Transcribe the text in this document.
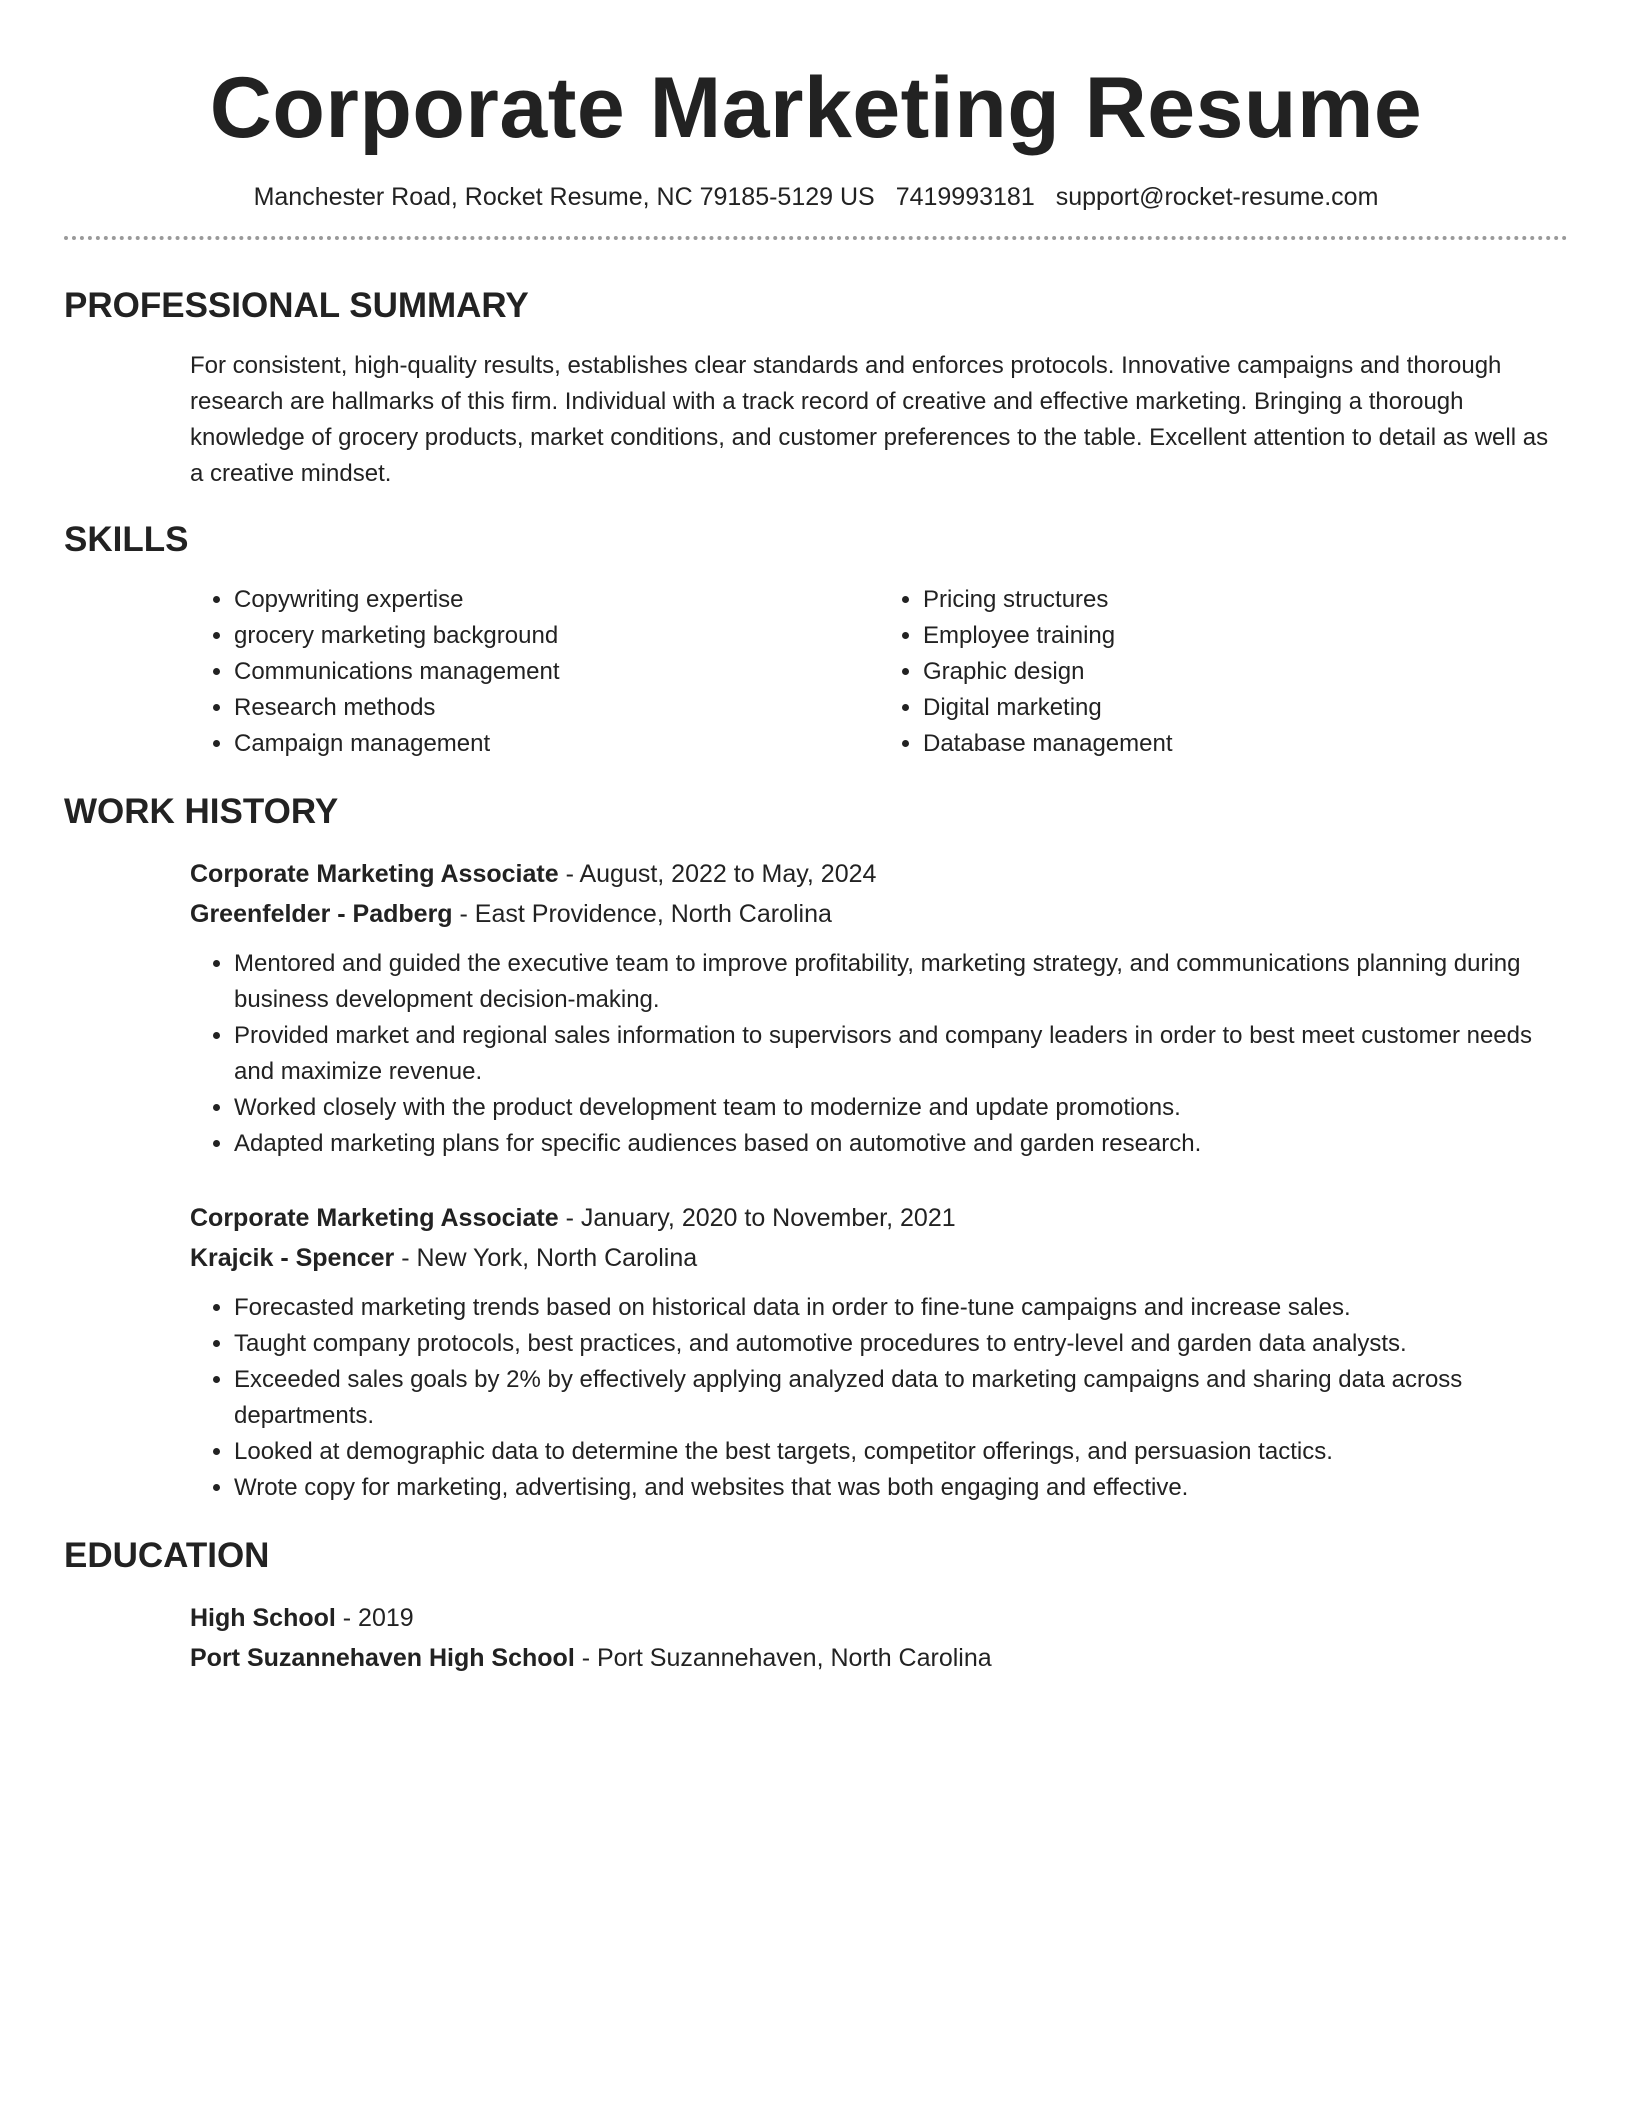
Corporate Marketing Resume
Manchester Road, Rocket Resume, NC 79185-5129 US 7419993181 support@rocket-resume.com
PROFESSIONAL SUMMARY

For consistent, high-quality results, establishes clear standards and enforces protocols. Innovative campaigns and thorough research are hallmarks of this firm. Individual with a track record of creative and effective marketing. Bringing a thorough knowledge of grocery products, market conditions, and customer preferences to the table. Excellent attention to detail as well as a creative mindset.

SKILLS
• Copywriting expertise
• grocery marketing background
• Communications management
• Research methods
• Campaign management
• Pricing structures
• Employee training
• Graphic design
• Digital marketing
• Database management
WORK HISTORY
Corporate Marketing Associate - August, 2022 to May, 2024
Greenfelder - Padberg - East Providence, North Carolina
• Mentored and guided the executive team to improve profitability, marketing strategy, and communications planning during business development decision-making.
• Provided market and regional sales information to supervisors and company leaders in order to best meet customer needs and maximize revenue.
• Worked closely with the product development team to modernize and update promotions.
• Adapted marketing plans for specific audiences based on automotive and garden research.
Corporate Marketing Associate - January, 2020 to November, 2021
Krajcik - Spencer - New York, North Carolina
• Forecasted marketing trends based on historical data in order to fine-tune campaigns and increase sales.
• Taught company protocols, best practices, and automotive procedures to entry-level and garden data analysts.
• Exceeded sales goals by 2% by effectively applying analyzed data to marketing campaigns and sharing data across departments.
• Looked at demographic data to determine the best targets, competitor offerings, and persuasion tactics.
• Wrote copy for marketing, advertising, and websites that was both engaging and effective.
EDUCATION
High School - 2019
Port Suzannehaven High School - Port Suzannehaven, North Carolina
